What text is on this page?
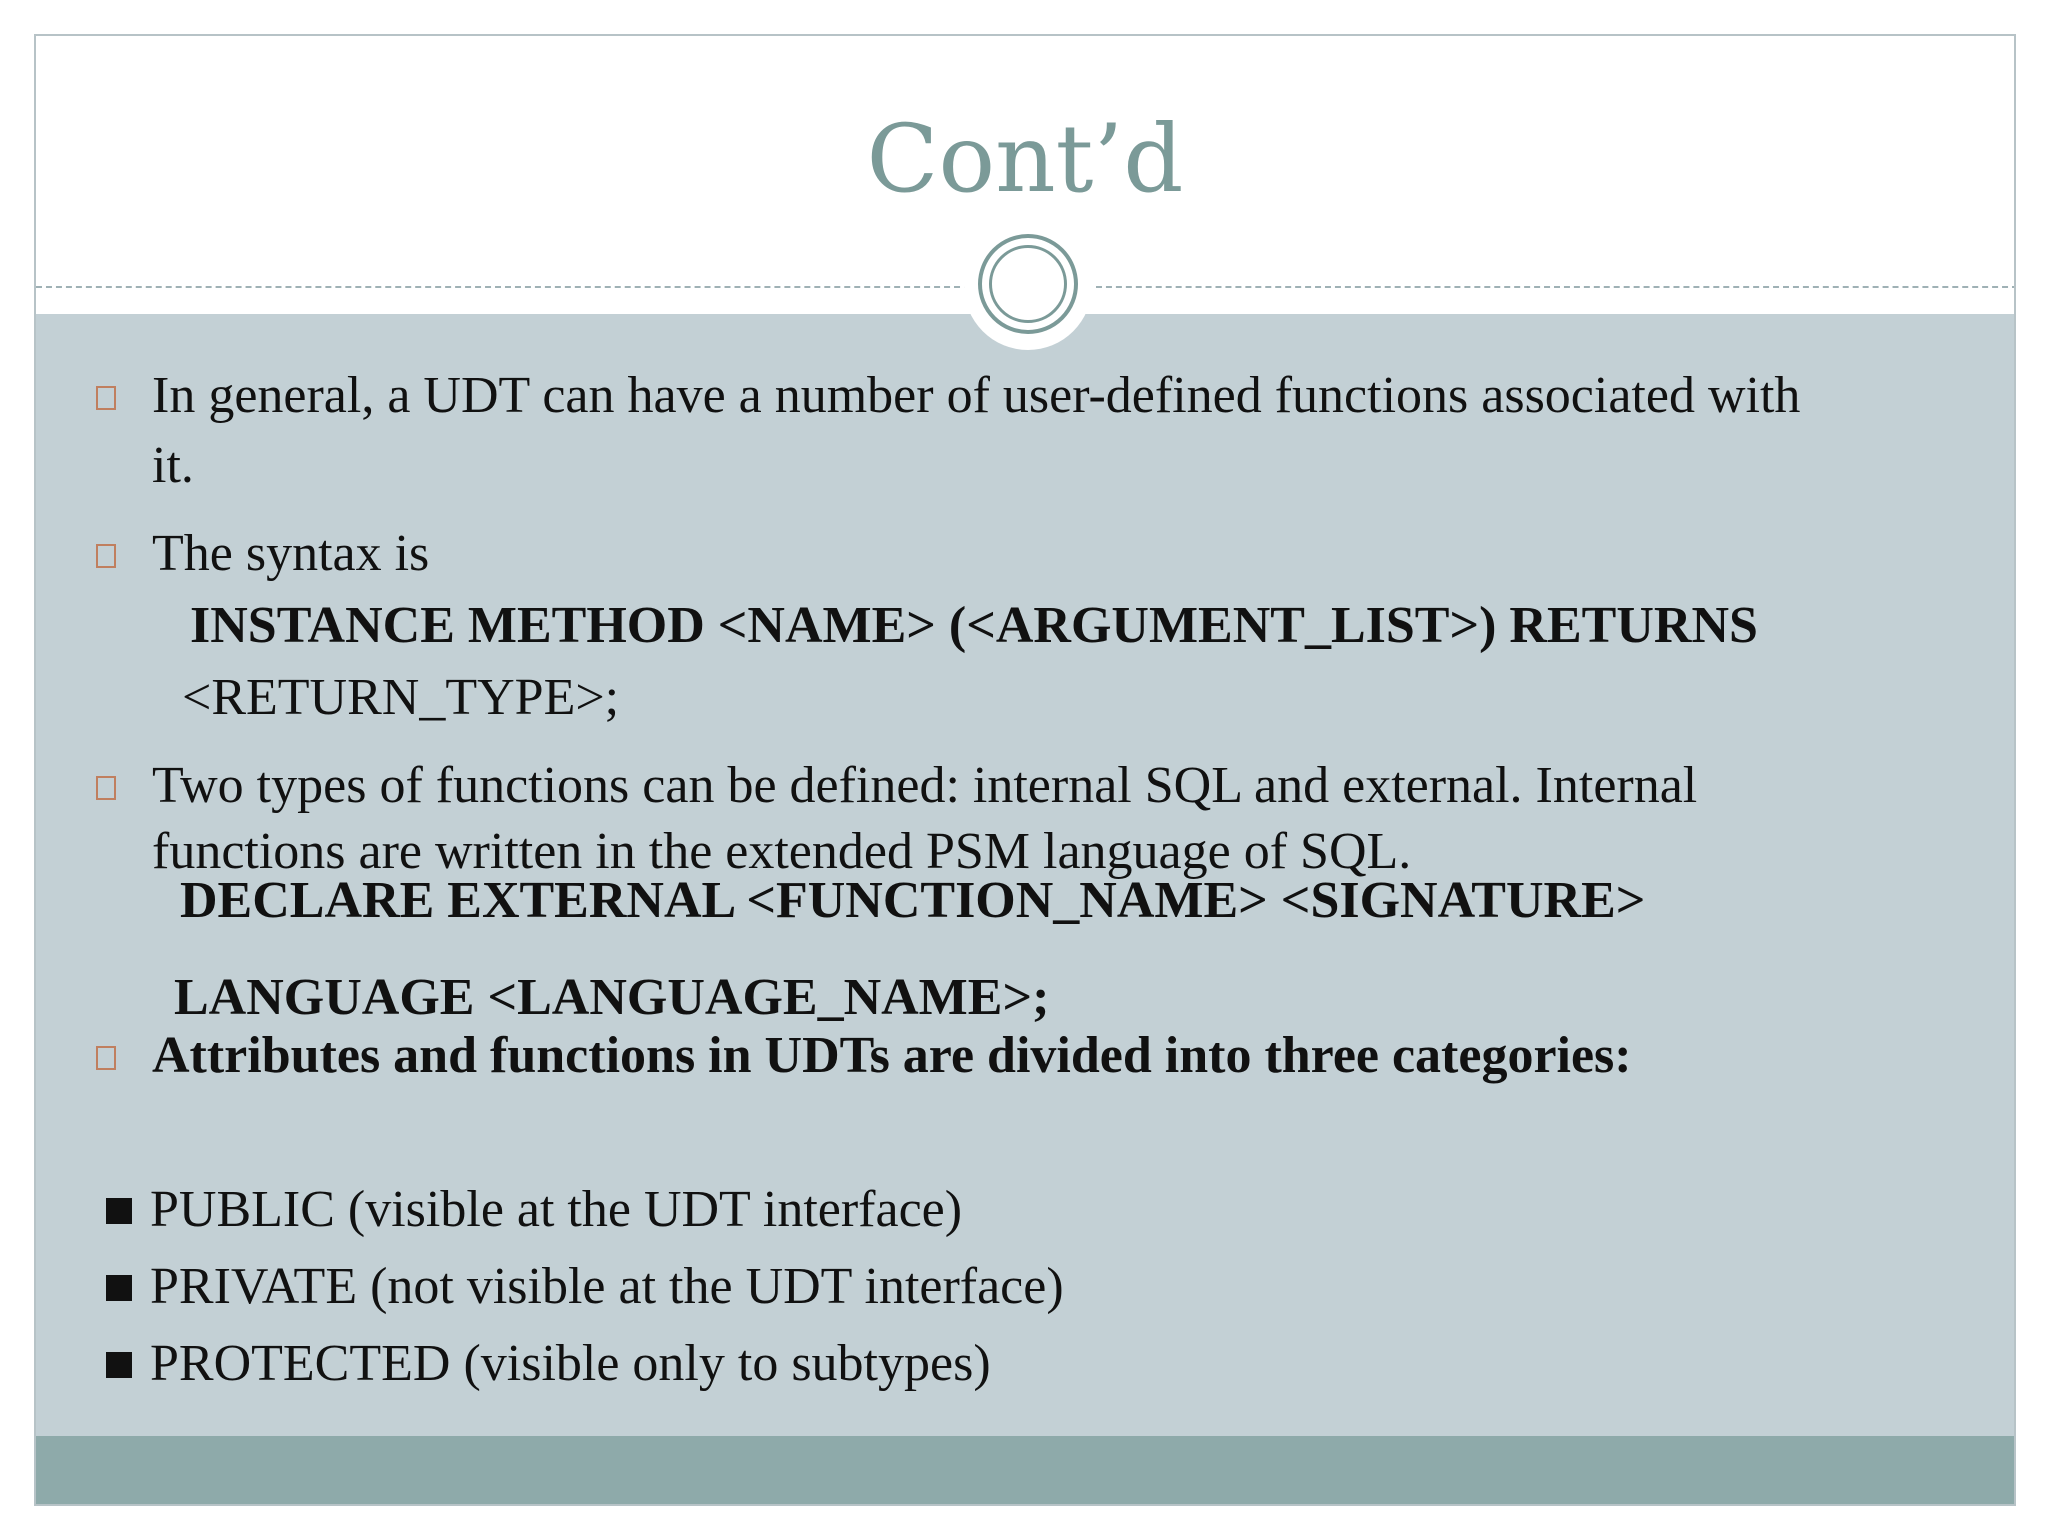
Cont’d
In general, a UDT can have a number of user-defined functions associated with
it.
The syntax is
INSTANCE METHOD <NAME> (<ARGUMENT_LIST>) RETURNS
<RETURN_TYPE>;
Two types of functions can be defined: internal SQL and external. Internal
functions are written in the extended PSM language of SQL.
DECLARE EXTERNAL <FUNCTION_NAME> <SIGNATURE>
LANGUAGE <LANGUAGE_NAME>;
Attributes and functions in UDTs are divided into three categories:
PUBLIC (visible at the UDT interface)
PRIVATE (not visible at the UDT interface)
PROTECTED (visible only to subtypes)
